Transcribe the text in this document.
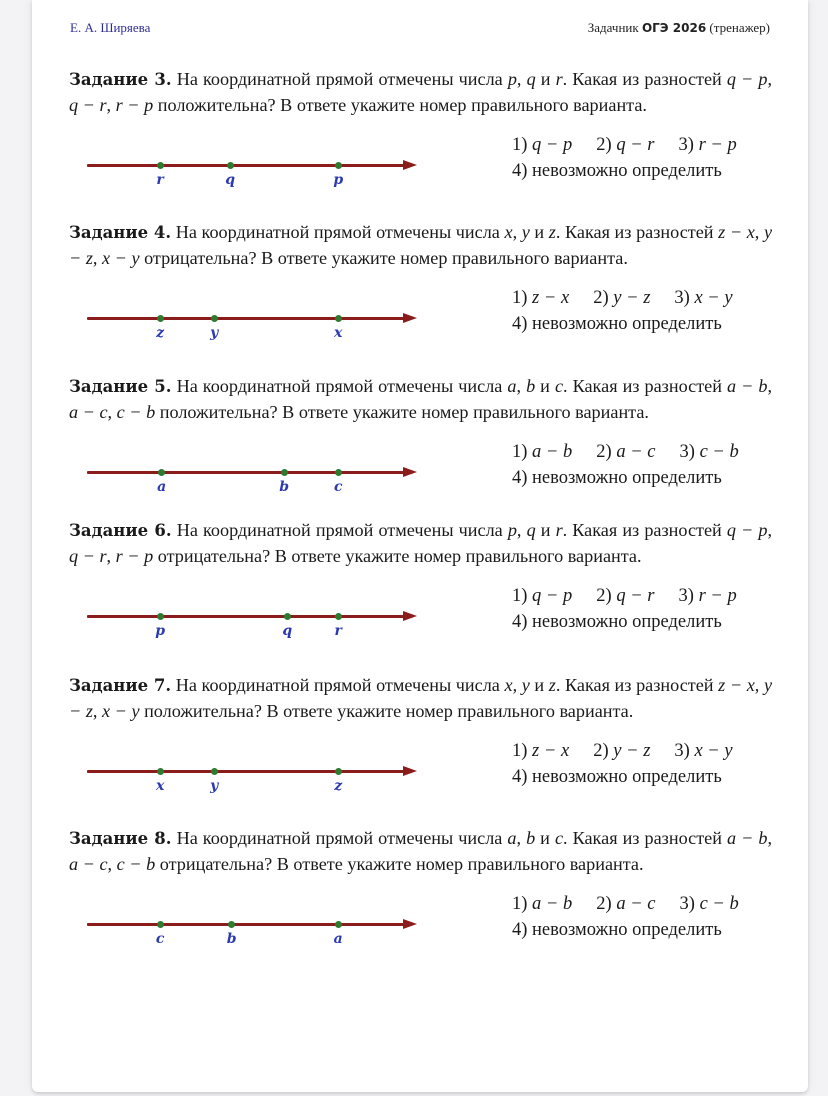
Е. А. Ширяева	Задачник ОГЭ 2026 (тренажер)
Задание 3. На координатной прямой отмечены числа p, q и r. Какая из разностей q − p, q − r, r − p положительна? В ответе укажите номер правильного варианта.
r	q	p
1) q − p 2) q − r 3) r − p
4) невозможно определить
Задание 4. На координатной прямой отмечены числа x, y и z. Какая из разностей z − x, y − z, x − y отрицательна? В ответе укажите номер правильного варианта.
z	y	x
1) z − x 2) y − z 3) x − y
4) невозможно определить
Задание 5. На координатной прямой отмечены числа a, b и c. Какая из разностей a − b, a − c, c − b положительна? В ответе укажите номер правильного варианта.
a	b	c
1) a − b 2) a − c 3) c − b
4) невозможно определить
Задание 6. На координатной прямой отмечены числа p, q и r. Какая из разностей q − p, q − r, r − p отрицательна? В ответе укажите номер правильного варианта.
p	q	r
1) q − p 2) q − r 3) r − p
4) невозможно определить
Задание 7. На координатной прямой отмечены числа x, y и z. Какая из разностей z − x, y − z, x − y положительна? В ответе укажите номер правильного варианта.
x	y	z
1) z − x 2) y − z 3) x − y
4) невозможно определить
Задание 8. На координатной прямой отмечены числа a, b и c. Какая из разностей a − b, a − c, c − b отрицательна? В ответе укажите номер правильного варианта.
c	b	a
1) a − b 2) a − c 3) c − b
4) невозможно определить
